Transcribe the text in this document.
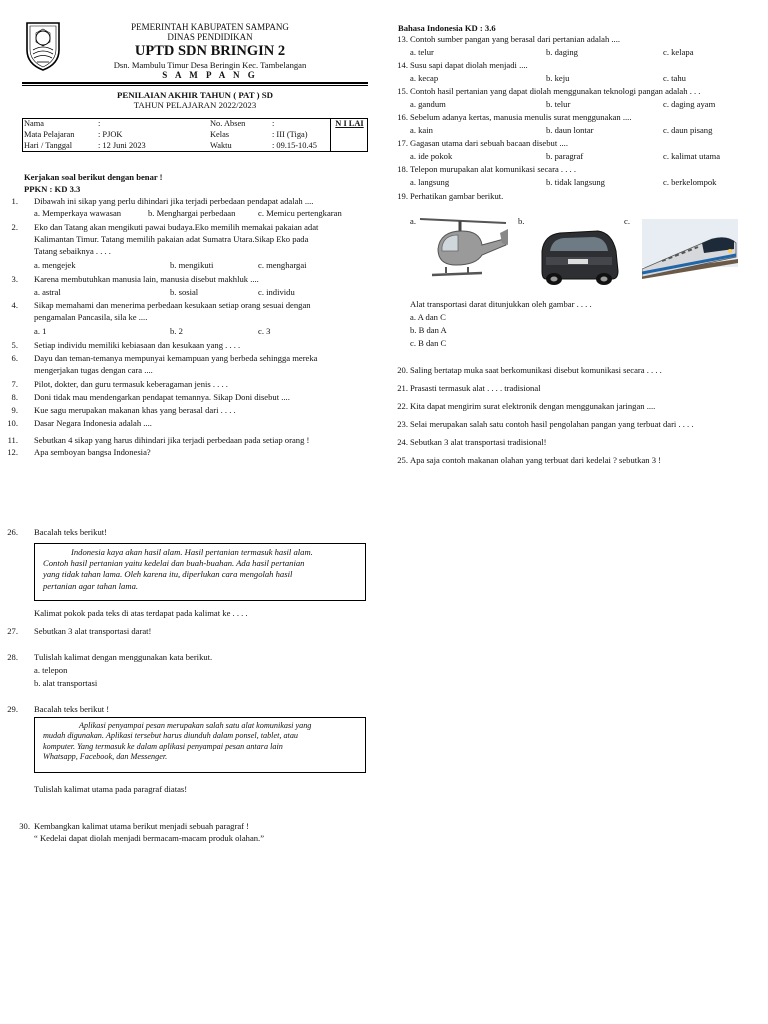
PEMERINTAH KABUPATEN SAMPANG
DINAS PENDIDIKAN
UPTD SDN BRINGIN 2
Dsn. Mambulu Timur Desa Beringin Kec. Tambelangan
S A M P A N G
PENILAIAN AKHIR TAHUN ( PAT ) SD
TAHUN PELAJARAN 2022/2023
N I LAI
Nama	:	No. Absen	:
Mata Pelajaran	: PJOK	Kelas	: III (Tiga)
Hari / Tanggal	: 12 Juni 2023	Waktu	: 09.15-10.45
Kerjakan soal berikut dengan benar !
PPKN : KD 3.3
1. Dibawah ini sikap yang perlu dihindari jika terjadi perbedaan pendapat adalah ....
a. Memperkaya wawasan	b. Menghargai perbedaan	c. Memicu pertengkaran
2. Eko dan Tatang akan mengikuti pawai budaya.Eko memilih memakai pakaian adat
Kalimantan Timur. Tatang memilih pakaian adat Sumatra Utara.Sikap Eko pada
Tatang sebaiknya . . . .
a. mengejek	b. mengikuti	c. menghargai
3. Karena membutuhkan manusia lain, manusia disebut makhluk ....
a. astral	b. sosial	c. individu
4. Sikap memahami dan menerima perbedaan kesukaan setiap orang sesuai dengan
pengamalan Pancasila, sila ke ....
a. 1	b. 2	c. 3
5. Setiap individu memiliki kebiasaan dan kesukaan yang . . . .
6. Dayu dan teman-temanya mempunyai kemampuan yang berbeda sehingga mereka
mengerjakan tugas dengan cara ....
7. Pilot, dokter, dan guru termasuk keberagaman jenis . . . .
8. Doni tidak mau mendengarkan pendapat temannya. Sikap Doni disebut ....
9. Kue sagu merupakan makanan khas yang berasal dari . . . .
10. Dasar Negara Indonesia adalah ....
11. Sebutkan 4 sikap yang harus dihindari jika terjadi perbedaan pada setiap orang !
12. Apa semboyan bangsa Indonesia?
Bahasa Indonesia KD : 3.6
13. Contoh sumber pangan yang berasal dari pertanian adalah ....
a. telur	b. daging	c. kelapa
14. Susu sapi dapat diolah menjadi ....
a. kecap	b. keju	c. tahu
15. Contoh hasil pertanian yang dapat diolah menggunakan teknologi pangan adalah . . .
a. gandum	b. telur	c. daging ayam
16. Sebelum adanya kertas, manusia menulis surat menggunakan ....
a. kain	b. daun lontar	c. daun pisang
17. Gagasan utama dari sebuah bacaan disebut ....
a. ide pokok	b. paragraf	c. kalimat utama
18. Telepon murupakan alat komunikasi secara . . . .
a. langsung	b. tidak langsung	c. berkelompok
19. Perhatikan gambar berikut.
a.	b.	c.
Alat transportasi darat ditunjukkan oleh gambar . . . .
a. A dan C
b. B dan A
c. B dan C
20. Saling bertatap muka saat berkomunikasi disebut komunikasi secara . . . .
21. Prasasti termasuk alat . . . . tradisional
22. Kita dapat mengirim surat elektronik dengan menggunakan jaringan ....
23. Selai merupakan salah satu contoh hasil pengolahan pangan yang terbuat dari . . . .
24. Sebutkan 3 alat transportasi tradisional!
25. Apa saja contoh makanan olahan yang terbuat dari kedelai ? sebutkan 3 !
26. Bacalah teks berikut!
Indonesia kaya akan hasil alam. Hasil pertanian termasuk hasil alam.
Contoh hasil pertanian yaitu kedelai dan buah-buahan. Ada hasil pertanian
yang tidak tahan lama. Oleh karena itu, diperlukan cara mengolah hasil
pertanian agar tahan lama.
Kalimat pokok pada teks di atas terdapat pada kalimat ke . . . .
27. Sebutkan 3 alat transportasi darat!
28. Tulislah kalimat dengan menggunakan kata berikut.
a. telepon
b. alat transportasi
29. Bacalah teks berikut !
Aplikasi penyampai pesan merupakan salah satu alat komunikasi yang
mudah digunakan. Aplikasi tersebut harus diunduh dalam ponsel, tablet, atau
komputer. Yang termasuk ke dalam aplikasi penyampai pesan antara lain
Whatsapp, Facebook, dan Messenger.
Tulislah kalimat utama pada paragraf diatas!
30. Kembangkan kalimat utama berikut menjadi sebuah paragraf !
“ Kedelai dapat diolah menjadi bermacam-macam produk olahan.”
